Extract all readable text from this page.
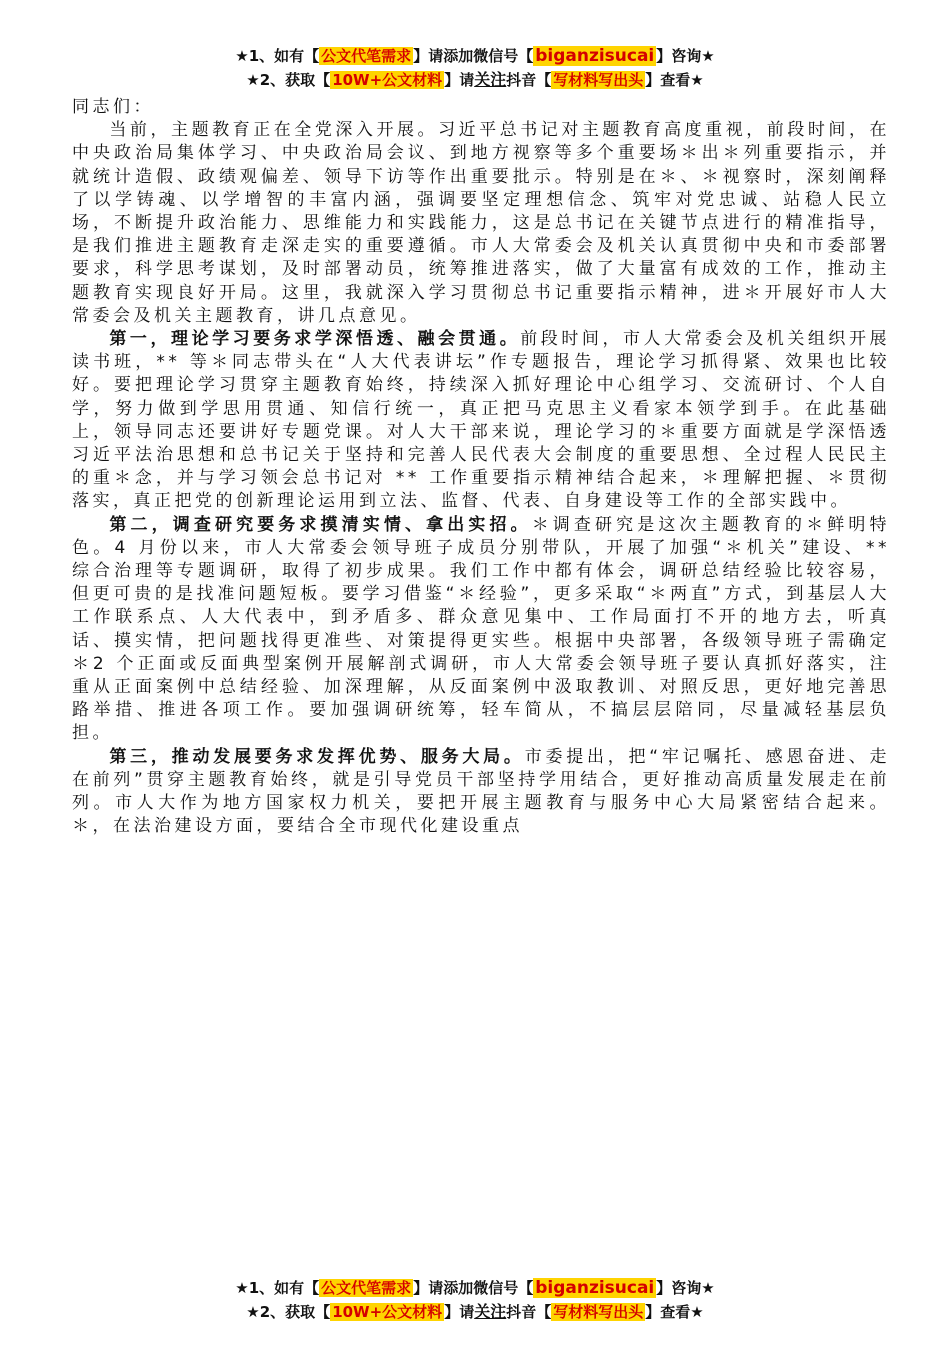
★1、如有【 公文代笔需求 】请添加微信号【 biganzisucai 】咨询★
★2、获取【 10W+公文材料 】请关注抖音【 写材料写出头 】查看★

同志们：

当前，主题教育正在全党深入开展。习近平总书记对主题教育高度重视，前段时间，在中央政治局集体学习、中央政治局会议、到地方视察等多个重要场＊出＊列重要指示，并就统计造假、政绩观偏差、领导下访等作出重要批示。特别是在＊、＊视察时，深刻阐释了以学铸魂、以学增智的丰富内涵，强调要坚定理想信念、筑牢对党忠诚、站稳人民立场，不断提升政治能力、思维能力和实践能力，这是总书记在关键节点进行的精准指导，是我们推进主题教育走深走实的重要遵循。市人大常委会及机关认真贯彻中央和市委部署要求，科学思考谋划，及时部署动员，统筹推进落实，做了大量富有成效的工作，推动主题教育实现良好开局。这里，我就深入学习贯彻总书记重要指示精神，进＊开展好市人大常委会及机关主题教育，讲几点意见。

第一，理论学习要务求学深悟透、融会贯通。前段时间，市人大常委会及机关组织开展读书班，** 等＊同志带头在“人大代表讲坛”作专题报告，理论学习抓得紧、效果也比较好。要把理论学习贯穿主题教育始终，持续深入抓好理论中心组学习、交流研讨、个人自学，努力做到学思用贯通、知信行统一，真正把马克思主义看家本领学到手。在此基础上，领导同志还要讲好专题党课。对人大干部来说，理论学习的＊重要方面就是学深悟透习近平法治思想和总书记关于坚持和完善人民代表大会制度的重要思想、全过程人民民主的重＊念，并与学习领会总书记对 ** 工作重要指示精神结合起来，＊理解把握、＊贯彻落实，真正把党的创新理论运用到立法、监督、代表、自身建设等工作的全部实践中。

第二，调查研究要务求摸清实情、拿出实招。＊调查研究是这次主题教育的＊鲜明特色。4 月份以来，市人大常委会领导班子成员分别带队，开展了加强“＊机关”建设、** 综合治理等专题调研，取得了初步成果。我们工作中都有体会，调研总结经验比较容易，但更可贵的是找准问题短板。要学习借鉴“＊经验”，更多采取“＊两直”方式，到基层人大工作联系点、人大代表中，到矛盾多、群众意见集中、工作局面打不开的地方去，听真话、摸实情，把问题找得更准些、对策提得更实些。根据中央部署，各级领导班子需确定 ＊2 个正面或反面典型案例开展解剖式调研，市人大常委会领导班子要认真抓好落实，注重从正面案例中总结经验、加深理解，从反面案例中汲取教训、对照反思，更好地完善思路举措、推进各项工作。要加强调研统筹，轻车简从，不搞层层陪同，尽量减轻基层负担。

第三，推动发展要务求发挥优势、服务大局。市委提出，把“牢记嘱托、感恩奋进、走在前列”贯穿主题教育始终，就是引导党员干部坚持学用结合，更好推动高质量发展走在前列。市人大作为地方国家权力机关，要把开展主题教育与服务中心大局紧密结合起来。＊，在法治建设方面，要结合全市现代化建设重点

★1、如有【 公文代笔需求 】请添加微信号【 biganzisucai 】咨询★
★2、获取【 10W+公文材料 】请关注抖音【 写材料写出头 】查看★
